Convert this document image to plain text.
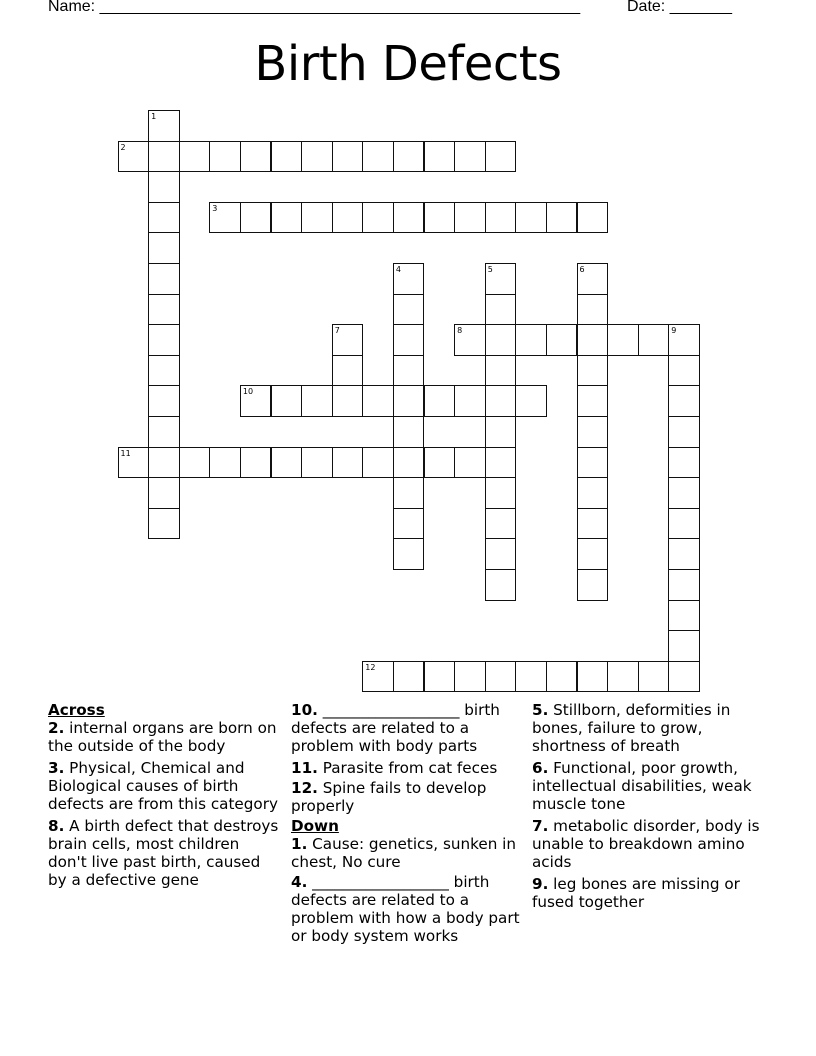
Name: ______________________________________________________	Date: _______
Birth Defects
1
2
3
4	5	6
7	8	9
10
11
12
Across
2. internal organs are born on the outside of the body
3. Physical, Chemical and Biological causes of birth defects are from this category
8. A birth defect that destroys brain cells, most children don't live past birth, caused by a defective gene
10. __________________ birth defects are related to a problem with body parts
11. Parasite from cat feces
12. Spine fails to develop properly
Down
1. Cause: genetics, sunken in chest, No cure
4. __________________ birth defects are related to a problem with how a body part or body system works
5. Stillborn, deformities in bones, failure to grow, shortness of breath
6. Functional, poor growth, intellectual disabilities, weak muscle tone
7. metabolic disorder, body is unable to breakdown amino acids
9. leg bones are missing or fused together
